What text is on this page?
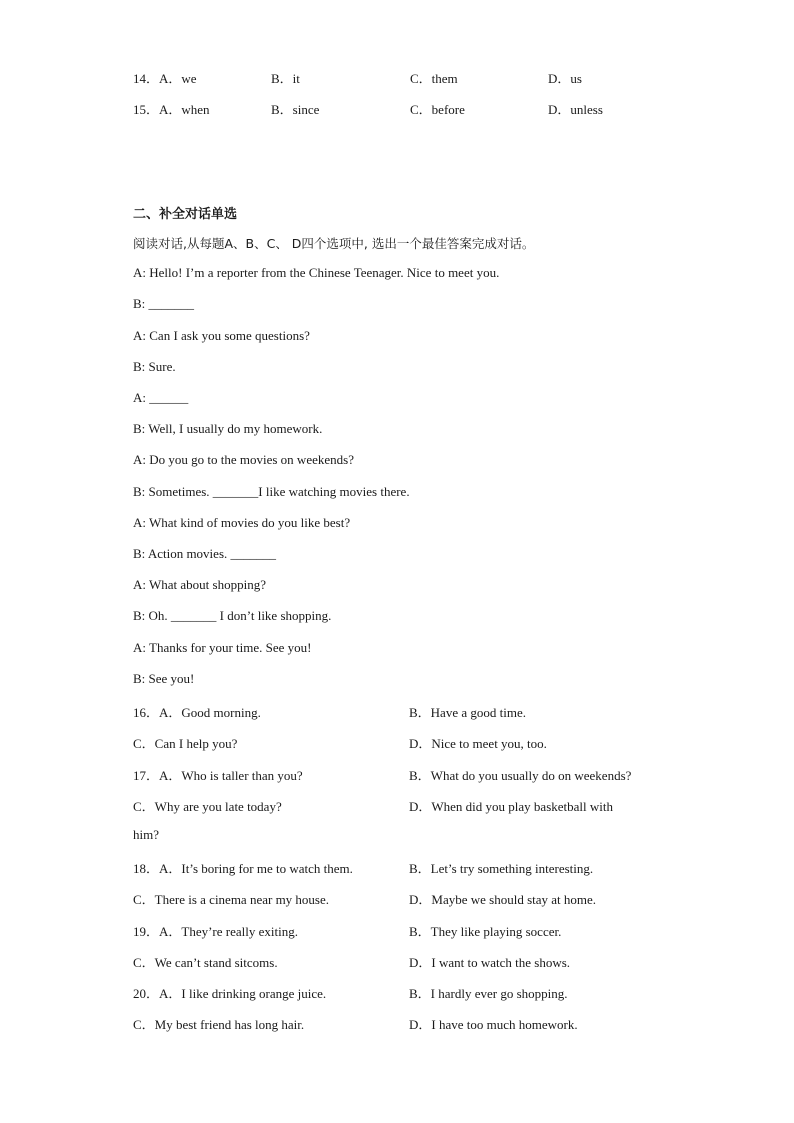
14．A．we	B．it	C．them	D．us
15．A．when	B．since	C．before	D．unless
二、补全对话单选
阅读对话,从每题A、B、C、 D四个选项中, 选出一个最佳答案完成对话。
A: Hello! I’m a reporter from the Chinese Teenager. Nice to meet you.
B: _______
A: Can I ask you some questions?
B: Sure.
A: ______
B: Well, I usually do my homework.
A: Do you go to the movies on weekends?
B: Sometimes. _______I like watching movies there.
A: What kind of movies do you like best?
B: Action movies. _______
A: What about shopping?
B: Oh. _______ I don’t like shopping.
A: Thanks for your time. See you!
B: See you!
16．A．Good morning.	B．Have a good time.
C．Can I help you?	D．Nice to meet you, too.
17．A．Who is taller than you?	B．What do you usually do on weekends?
C．Why are you late today?	D．When did you play basketball with
him?
18．A．It’s boring for me to watch them.	B．Let’s try something interesting.
C．There is a cinema near my house.	D．Maybe we should stay at home.
19．A．They’re really exiting.	B．They like playing soccer.
C．We can’t stand sitcoms.	D．I want to watch the shows.
20．A．I like drinking orange juice.	B．I hardly ever go shopping.
C．My best friend has long hair.	D．I have too much homework.
